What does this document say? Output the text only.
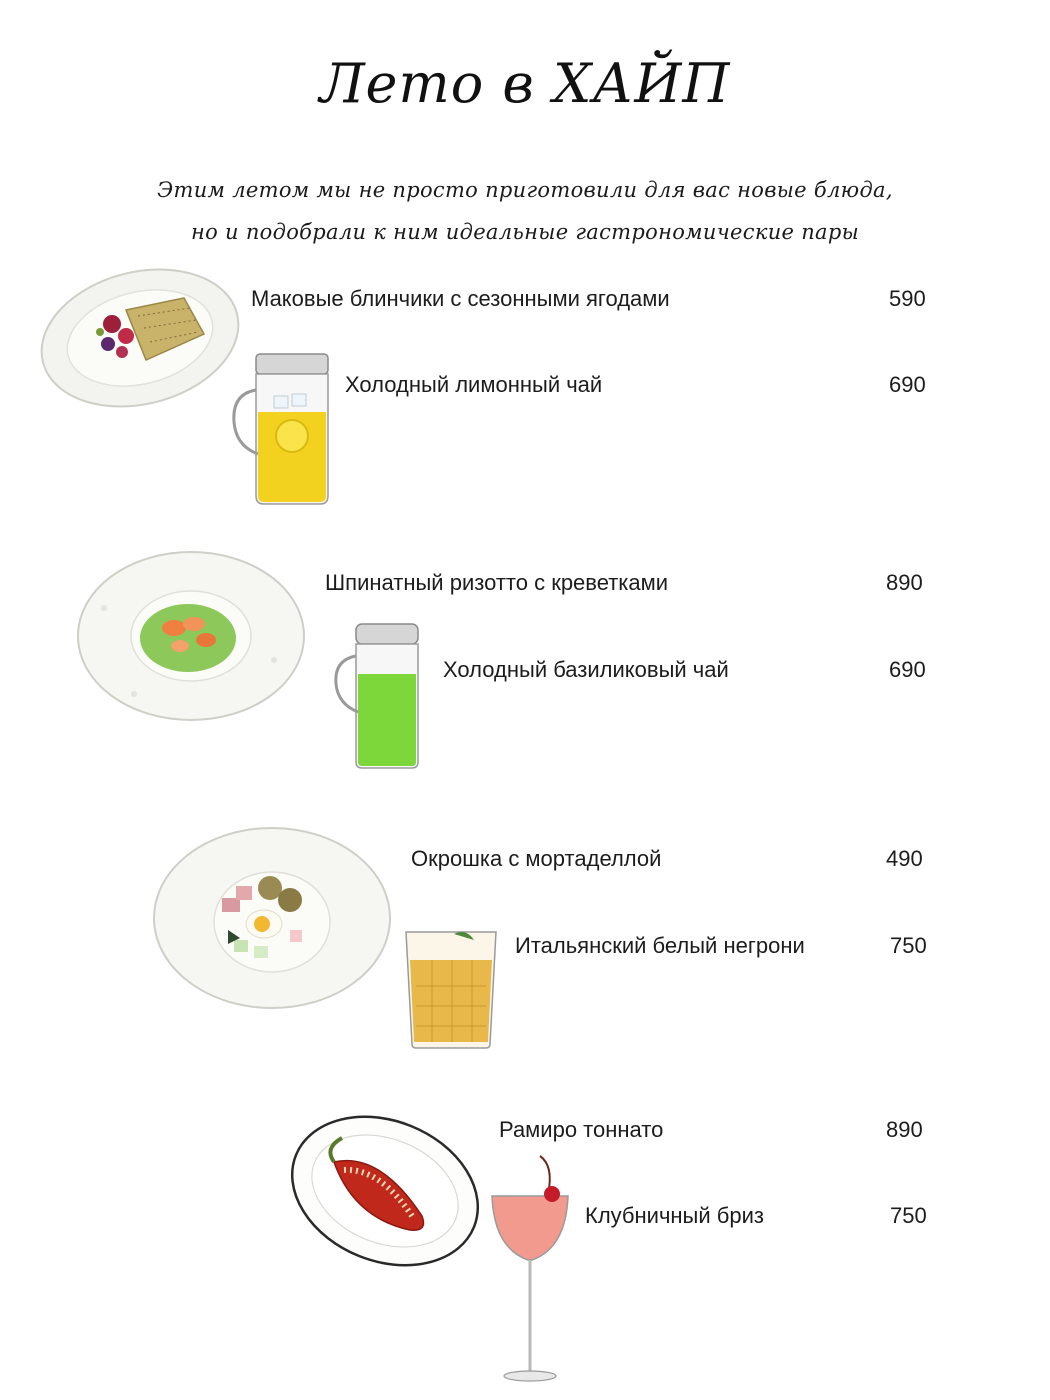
Лето в ХАЙП
Этим летом мы не просто приготовили для вас новые блюда,
но и подобрали к ним идеальные гастрономические пары
Маковые блинчики с сезонными ягодами	590
Холодный лимонный чай	690
Шпинатный ризотто с креветками	890
Холодный базиликовый чай	690
Окрошка с мортаделлой	490
Итальянский белый негрони	750
Рамиро тоннато	890
Клубничный бриз	750
